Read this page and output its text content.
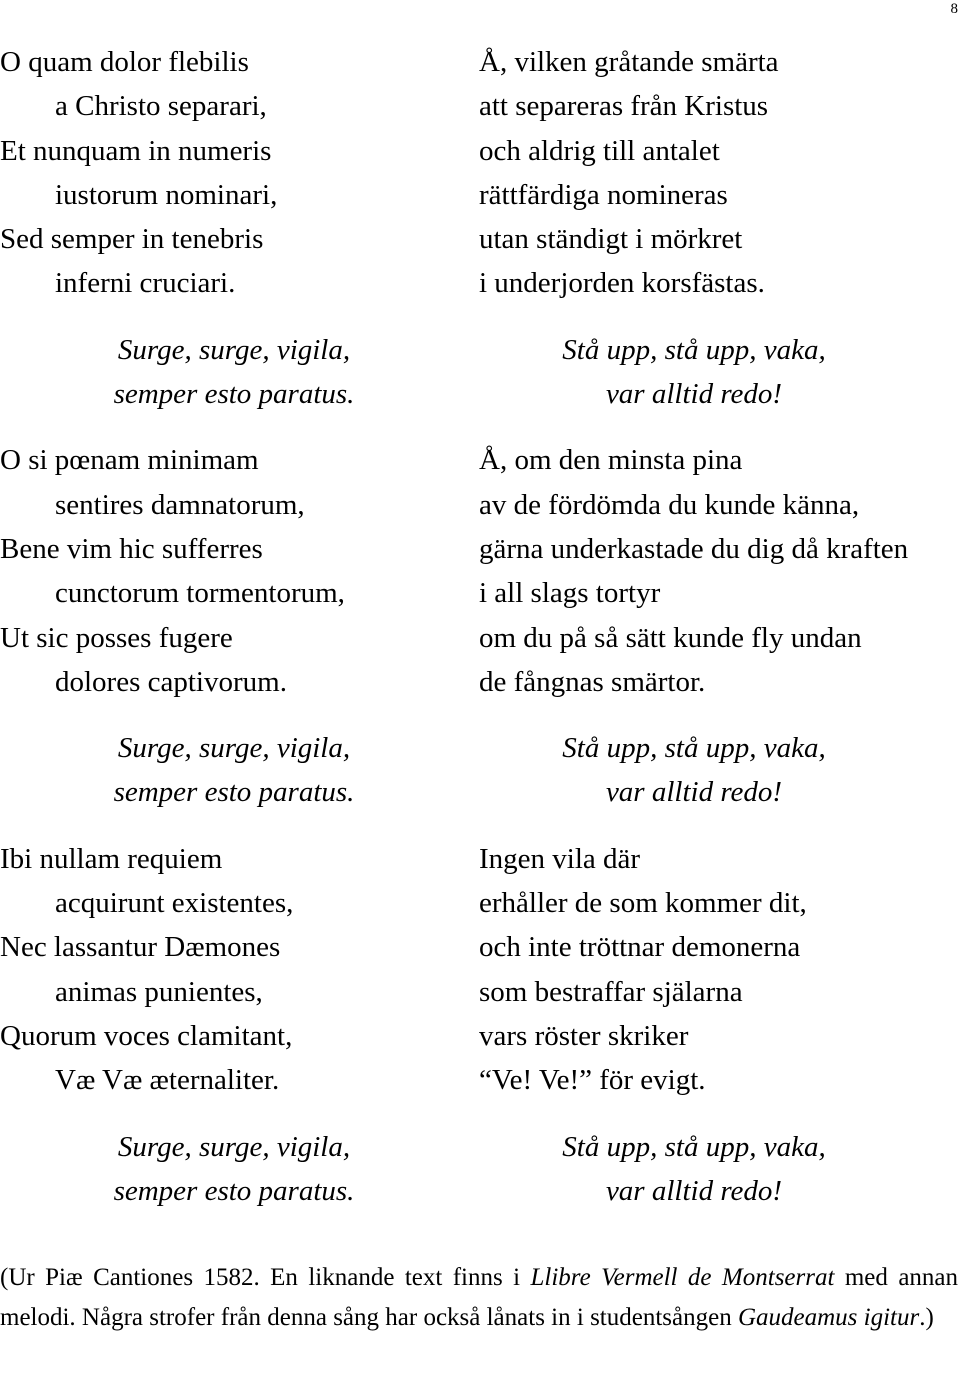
8
O quam dolor flebilis
a Christo separari,
Et nunquam in numeris
iustorum nominari,
Sed semper in tenebris
inferni cruciari.
Surge, surge, vigila,
semper esto paratus.
O si pœnam minimam
sentires damnatorum,
Bene vim hic sufferres
cunctorum tormentorum,
Ut sic posses fugere
dolores captivorum.
Surge, surge, vigila,
semper esto paratus.
Ibi nullam requiem
acquirunt existentes,
Nec lassantur Dæmones
animas punientes,
Quorum voces clamitant,
Væ Væ æternaliter.
Surge, surge, vigila,
semper esto paratus.
Å, vilken gråtande smärta
att separeras från Kristus
och aldrig till antalet
rättfärdiga nomineras
utan ständigt i mörkret
i underjorden korsfästas.
Stå upp, stå upp, vaka,
var alltid redo!
Å, om den minsta pina
av de fördömda du kunde känna,
gärna underkastade du dig då kraften
i all slags tortyr
om du på så sätt kunde fly undan
de fångnas smärtor.
Stå upp, stå upp, vaka,
var alltid redo!
Ingen vila där
erhåller de som kommer dit,
och inte tröttnar demonerna
som bestraffar själarna
vars röster skriker
“Ve! Ve!” för evigt.
Stå upp, stå upp, vaka,
var alltid redo!
(Ur Piæ Cantiones 1582. En liknande text finns i Llibre Vermell de Montserrat med annan melodi. Några strofer från denna sång har också lånats in i studentsången Gaudeamus igitur.)
